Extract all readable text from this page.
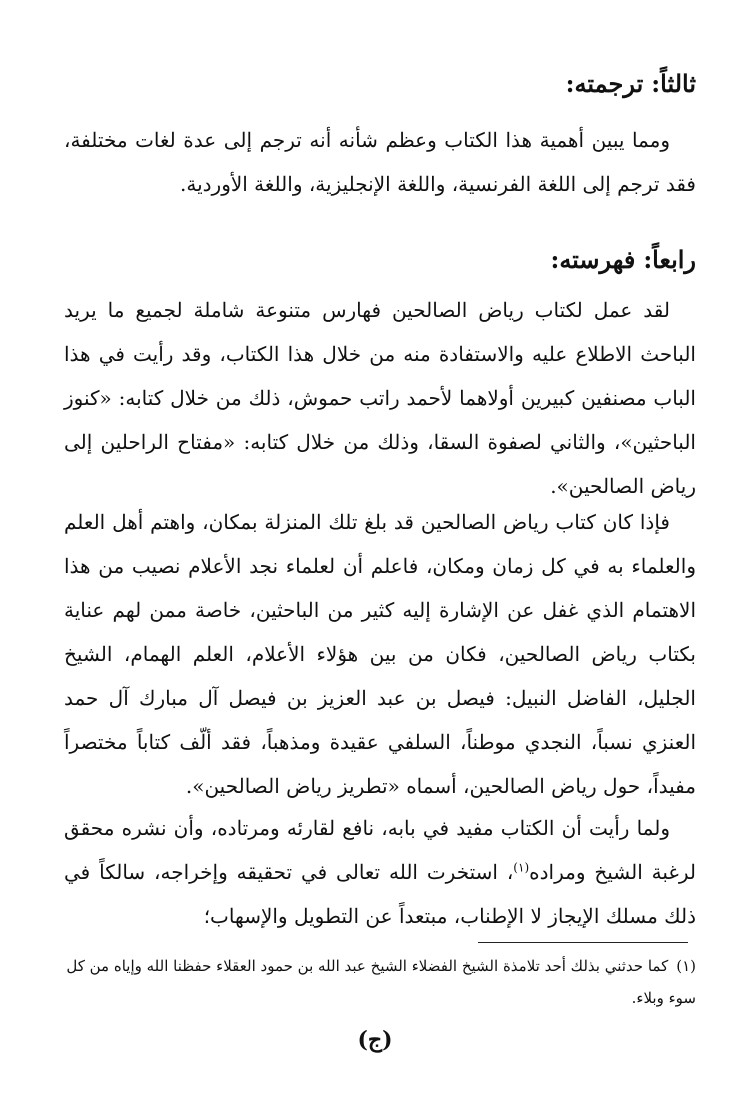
ثالثاً:ترجمته:
ومما يبين أهمية هذا الكتاب وعظم شأنه أنه ترجم إلى عدة لغات مختلفة، فقد ترجم إلى اللغة الفرنسية، واللغة الإنجليزية، واللغة الأوردية.
رابعاً:فهرسته:
لقد عمل لكتاب رياض الصالحين فهارس متنوعة شاملة لجميع ما يريد الباحث الاطلاع عليه والاستفادة منه من خلال هذا الكتاب، وقد رأيت في هذا الباب مصنفين كبيرين أولاهما لأحمد راتب حموش، ذلك من خلال كتابه: «كنوز الباحثين»، والثاني لصفوة السقا، وذلك من خلال كتابه: «مفتاح الراحلين إلى رياض الصالحين».
فإذا كان كتاب رياض الصالحين قد بلغ تلك المنزلة بمكان، واهتم أهل العلم والعلماء به في كل زمان ومكان، فاعلم أن لعلماء نجد الأعلام نصيب من هذا الاهتمام الذي غفل عن الإشارة إليه كثير من الباحثين، خاصة ممن لهم عناية بكتاب رياض الصالحين، فكان من بين هؤلاء الأعلام، العلم الهمام، الشيخ الجليل، الفاضل النبيل: فيصل بن عبد العزيز بن فيصل آل مبارك آل حمد العنزي نسباً، النجدي موطناً، السلفي عقيدة ومذهباً، فقد ألّف كتاباً مختصراً مفيداً، حول رياض الصالحين، أسماه «تطريز رياض الصالحين».
ولما رأيت أن الكتاب مفيد في بابه، نافع لقارئه ومرتاده، وأن نشره محقق لرغبة الشيخ ومراده$^{(١)}$، استخرت الله تعالى في تحقيقه وإخراجه، سالكاً في ذلك مسلك الإيجاز لا الإطناب، مبتعداً عن التطويل والإسهاب؛
(١)كما حدثني بذلك أحد تلامذة الشيخ الفضلاء الشيخ عبد الله بن حمود العقلاء حفظنا الله وإياه من كل سوء وبلاء.
(ج)
